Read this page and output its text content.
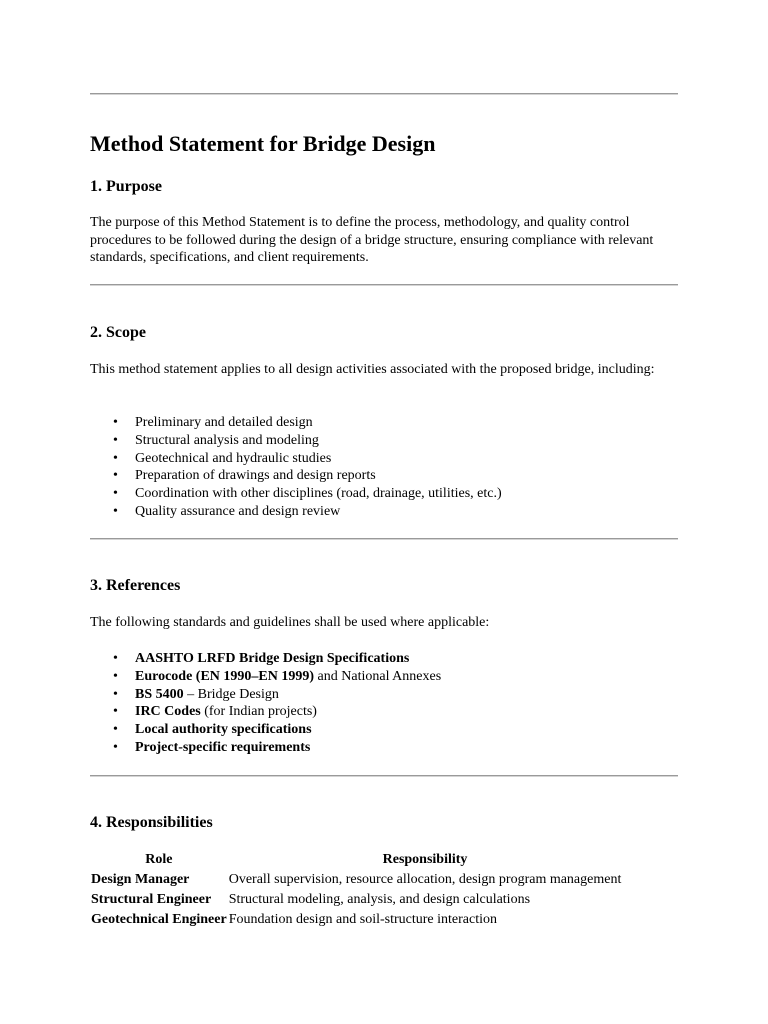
Method Statement for Bridge Design
1. Purpose

The purpose of this Method Statement is to define the process, methodology, and quality control procedures to be followed during the design of a bridge structure, ensuring compliance with relevant standards, specifications, and client requirements.

2. Scope

This method statement applies to all design activities associated with the proposed bridge, including:

• Preliminary and detailed design
• Structural analysis and modeling
• Geotechnical and hydraulic studies
• Preparation of drawings and design reports
• Coordination with other disciplines (road, drainage, utilities, etc.)
• Quality assurance and design review
3. References

The following standards and guidelines shall be used where applicable:

• AASHTO LRFD Bridge Design Specifications
• Eurocode (EN 1990–EN 1999) and National Annexes
• BS 5400 – Bridge Design
• IRC Codes (for Indian projects)
• Local authority specifications
• Project-specific requirements
4. Responsibilities
Role	Responsibility
Design Manager	Overall supervision, resource allocation, design program management
Structural Engineer	Structural modeling, analysis, and design calculations
Geotechnical Engineer	Foundation design and soil-structure interaction
